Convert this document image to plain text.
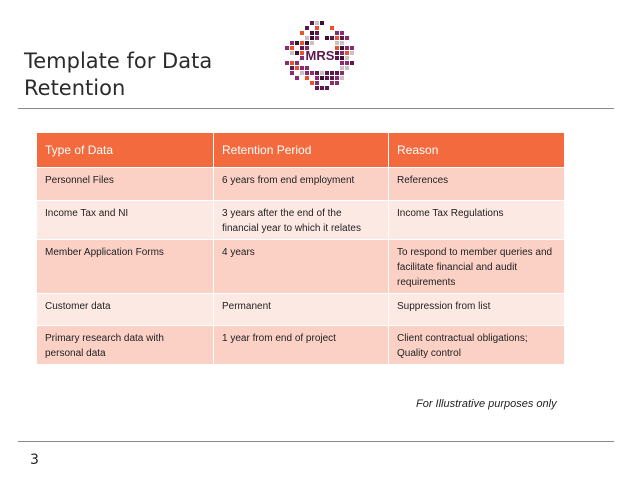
Template for Data Retention
MRS
Type of Data	Retention Period	Reason
Personnel Files	6 years from end employment	References
Income Tax and NI	3 years after the end of the financial year to which it relates	Income Tax Regulations
Member Application Forms	4 years	To respond to member queries and facilitate financial and audit requirements
Customer data	Permanent	Suppression from list
Primary research data with personal data	1 year from end of project	Client contractual obligations; Quality control
For Illustrative purposes only
3
